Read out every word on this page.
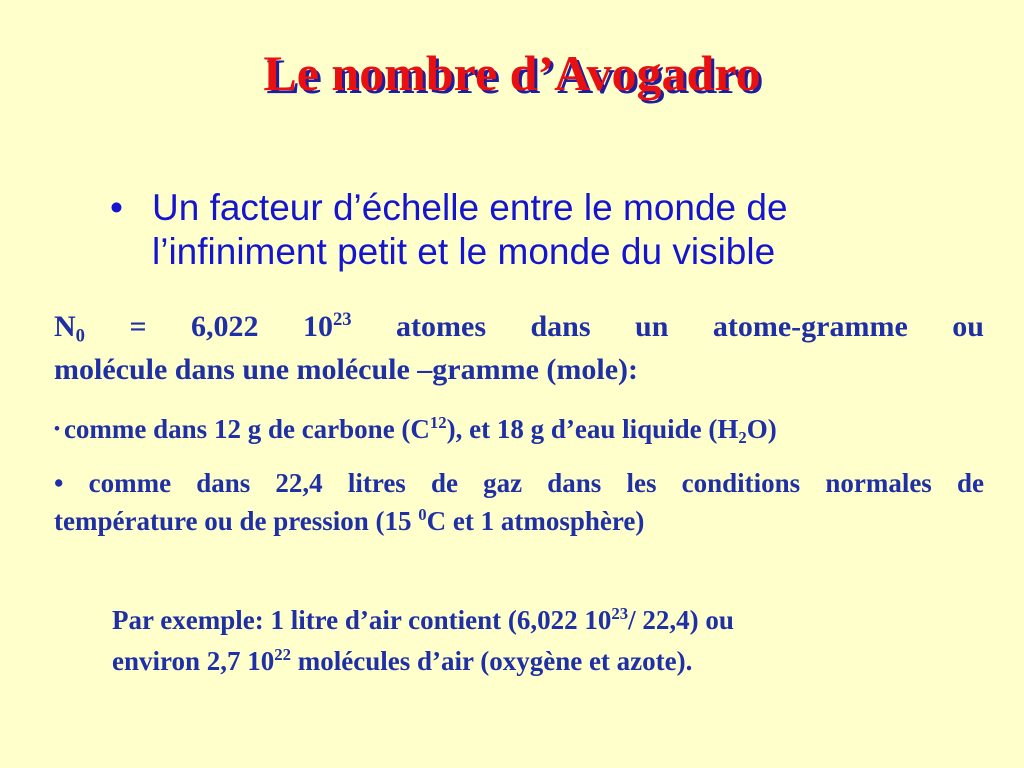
Le nombre d’Avogadro
• Un facteur d’échelle entre le monde de
l’infiniment petit et le monde du visible
$N_0 = 6,022$ $10^{23}$ atomes dans un atome-gramme ou
molécule dans une molécule –gramme (mole):
• comme dans 12 g de carbone $(C^{12})$, et 18 g d’eau liquide $(H_2O)$
• comme dans 22,4 litres de gaz dans les conditions normales de
température ou de pression (15 $^0$C et 1 atmosphère)
Par exemple: 1 litre d’air contient (6,022 $10^{23}/$ 22,4) ou
environ 2,7 $10^{22}$ molécules d’air (oxygène et azote).
